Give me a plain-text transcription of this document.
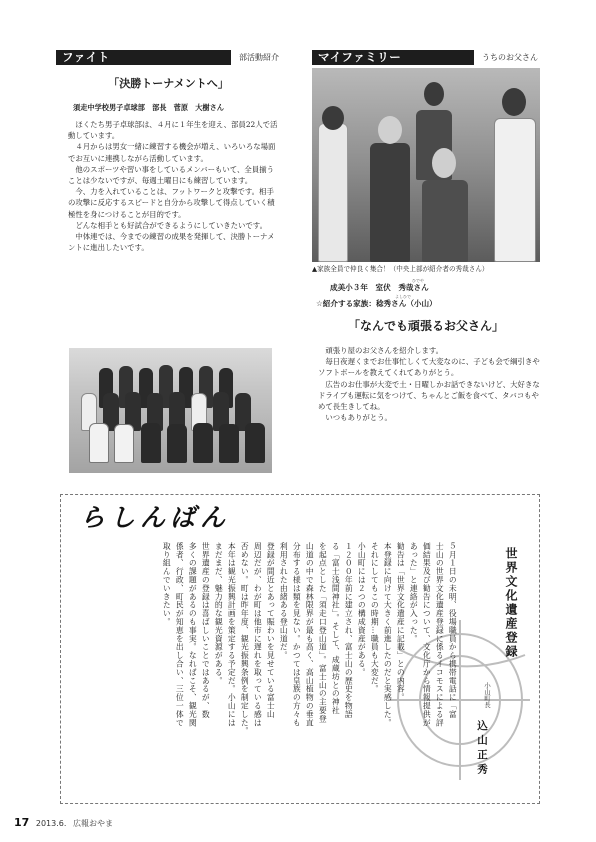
ファイト	部活動紹介
「決勝トーナメントへ」
須走中学校男子卓球部　部長　菅原　大樹さん

ほくたち男子卓球部は、４月に１年生を迎え、部員22人で活動しています。

４月からは男女一緒に練習する機会が増え、いろいろな場面でお互いに連携しながら活動しています。

他のスポーツや習い事をしているメンバーもいて、全員揃うことは少ないですが、毎週土曜日にも練習しています。

今、力を入れていることは、フットワークと攻撃です。相手の攻撃に反応するスピードと自分から攻撃して得点していく積極性を身につけることが目的です。

どんな相手とも好試合ができるようにしていきたいです。

中体連では、今までの練習の成果を発揮して、決勝トーナメントに進出したいです。

マイファミリー	うちのお父さん
▲家族全員で仲良く集合！（中央上部が紹介者の秀哉さん）
成美小３年　室伏　秀哉さん
ひでや
☆紹介する家族：稔秀さん（小山）
よしひで
「なんでも頑張るお父さん」

頑張り屋のお父さんを紹介します。

毎日夜遅くまでお仕事忙しくて大変なのに、子ども会で綱引きやソフトボールを教えてくれてありがとう。

広告のお仕事が大変で土・日曜しかお話できないけど、大好きなドライブも運転に気をつけて、ちゃんとご飯を食べて、タバコもやめて長生きしてね。

いつもありがとう。

らしんばん
世界文化遺産登録
小山町長
込山正秀
５月１日の未明、役場職員から携帯電話に「富
士山の世界文化遺産登録に係るイコモスによる評
価結果及び勧告について、文化庁から情報提供が
あった」と連絡が入った。
勧告は「世界文化遺産に記載」との内容。
本登録に向けて大きく前進したのだと実感した。
それにしてもこの時期…職員も大変だ。
小山町には２つの構成資産がある。
１２００年前に建立され、富士山の歴史を物語
る「富士浅間神社」。そして、成蔵坊との神社
を起点とした「須走口登山道」。富士山の主要登
山道の中で森林限界が最も高く、高山植物の垂直
分布する様は類を見ない。かつては皇族の方々も
利用された由緒ある登山道だ。
登録が間近とあって賑わいを見せている富士山
周辺だが、わが町は他市に遅れを取っている感は
否めない。町は昨年度、観光振興条例を制定した。
本年は観光振興計画を策定する予定だ。小山には
まだまだ、魅力的な観光資源がある。
世界遺産の登録は喜ばしいことではあるが、数
多くの課題があるのも事実。なればこそ、観光関
係者、行政、町民が知恵を出し合い、三位一体で
取り組んでいきたい。
17 2013.6. 広報おやま
